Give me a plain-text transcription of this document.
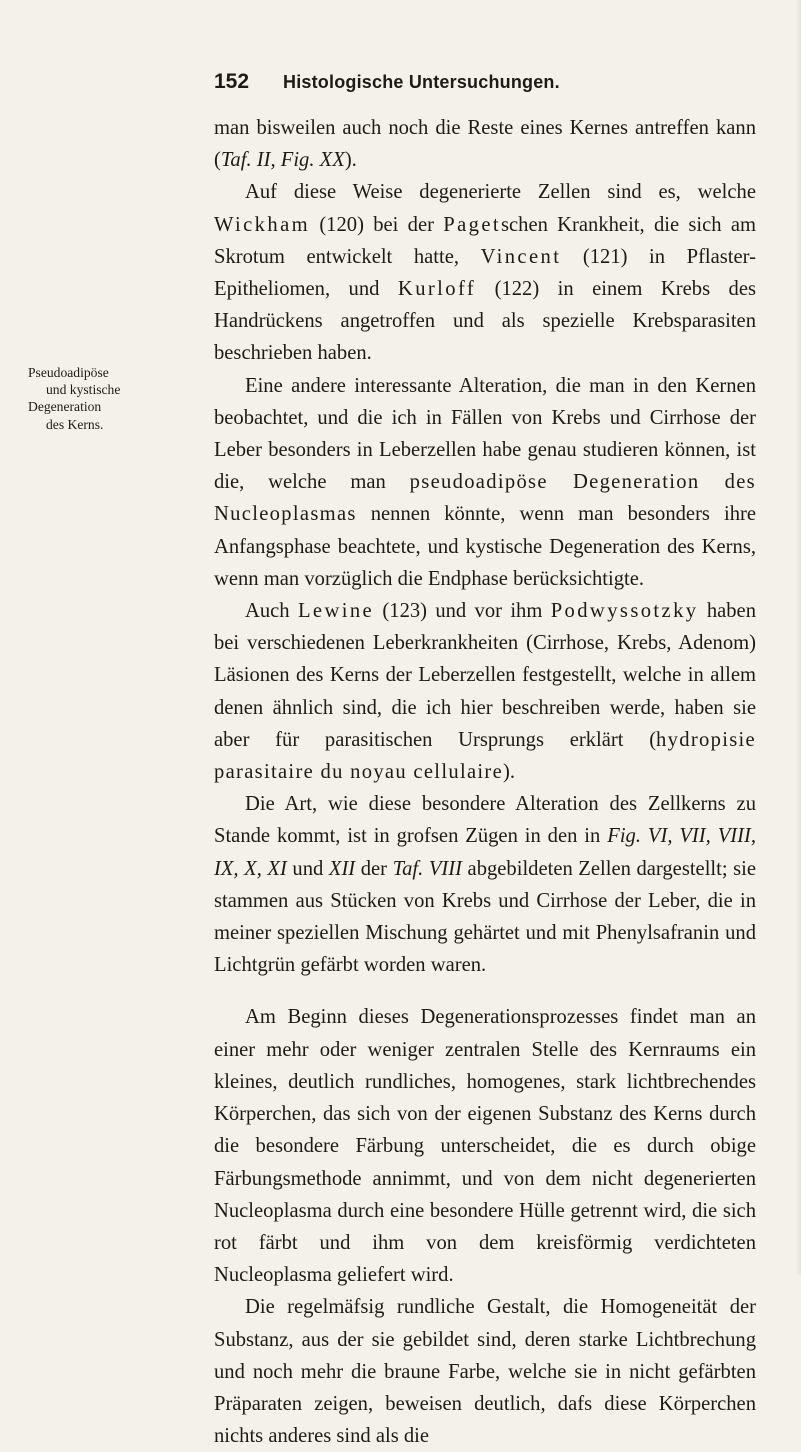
152 Histologische Untersuchungen.
Pseudoadipöse
und kystische
Degeneration
des Kerns.

man bisweilen auch noch die Reste eines Kernes antreffen kann (Taf. II, Fig. XX).

Auf diese Weise degenerierte Zellen sind es, welche Wickham (120) bei der Pagetschen Krankheit, die sich am Skrotum entwickelt hatte, Vincent (121) in Pflaster-Epitheliomen, und Kurloff (122) in einem Krebs des Handrückens angetroffen und als spezielle Krebsparasiten beschrieben haben.

Eine andere interessante Alteration, die man in den Kernen beobachtet, und die ich in Fällen von Krebs und Cirrhose der Leber besonders in Leberzellen habe genau studieren können, ist die, welche man pseudoadipöse Degeneration des Nucleoplasmas nennen könnte, wenn man besonders ihre Anfangsphase beachtete, und kystische Degeneration des Kerns, wenn man vorzüglich die Endphase berücksichtigte.

Auch Lewine (123) und vor ihm Podwyssotzky haben bei verschiedenen Leberkrankheiten (Cirrhose, Krebs, Adenom) Läsionen des Kerns der Leberzellen festgestellt, welche in allem denen ähnlich sind, die ich hier beschreiben werde, haben sie aber für parasitischen Ursprungs erklärt (hydropisie parasitaire du noyau cellulaire).

Die Art, wie diese besondere Alteration des Zellkerns zu Stande kommt, ist in grofsen Zügen in den in Fig. VI, VII, VIII, IX, X, XI und XII der Taf. VIII abgebildeten Zellen dargestellt; sie stammen aus Stücken von Krebs und Cirrhose der Leber, die in meiner speziellen Mischung gehärtet und mit Phenylsafranin und Lichtgrün gefärbt worden waren.

Am Beginn dieses Degenerationsprozesses findet man an einer mehr oder weniger zentralen Stelle des Kernraums ein kleines, deutlich rundliches, homogenes, stark lichtbrechendes Körperchen, das sich von der eigenen Substanz des Kerns durch die besondere Färbung unterscheidet, die es durch obige Färbungsmethode annimmt, und von dem nicht degenerierten Nucleoplasma durch eine besondere Hülle getrennt wird, die sich rot färbt und ihm von dem kreisförmig verdichteten Nucleoplasma geliefert wird.

Die regelmäfsig rundliche Gestalt, die Homogeneität der Substanz, aus der sie gebildet sind, deren starke Lichtbrechung und noch mehr die braune Farbe, welche sie in nicht gefärbten Präparaten zeigen, beweisen deutlich, dafs diese Körperchen nichts anderes sind als die
